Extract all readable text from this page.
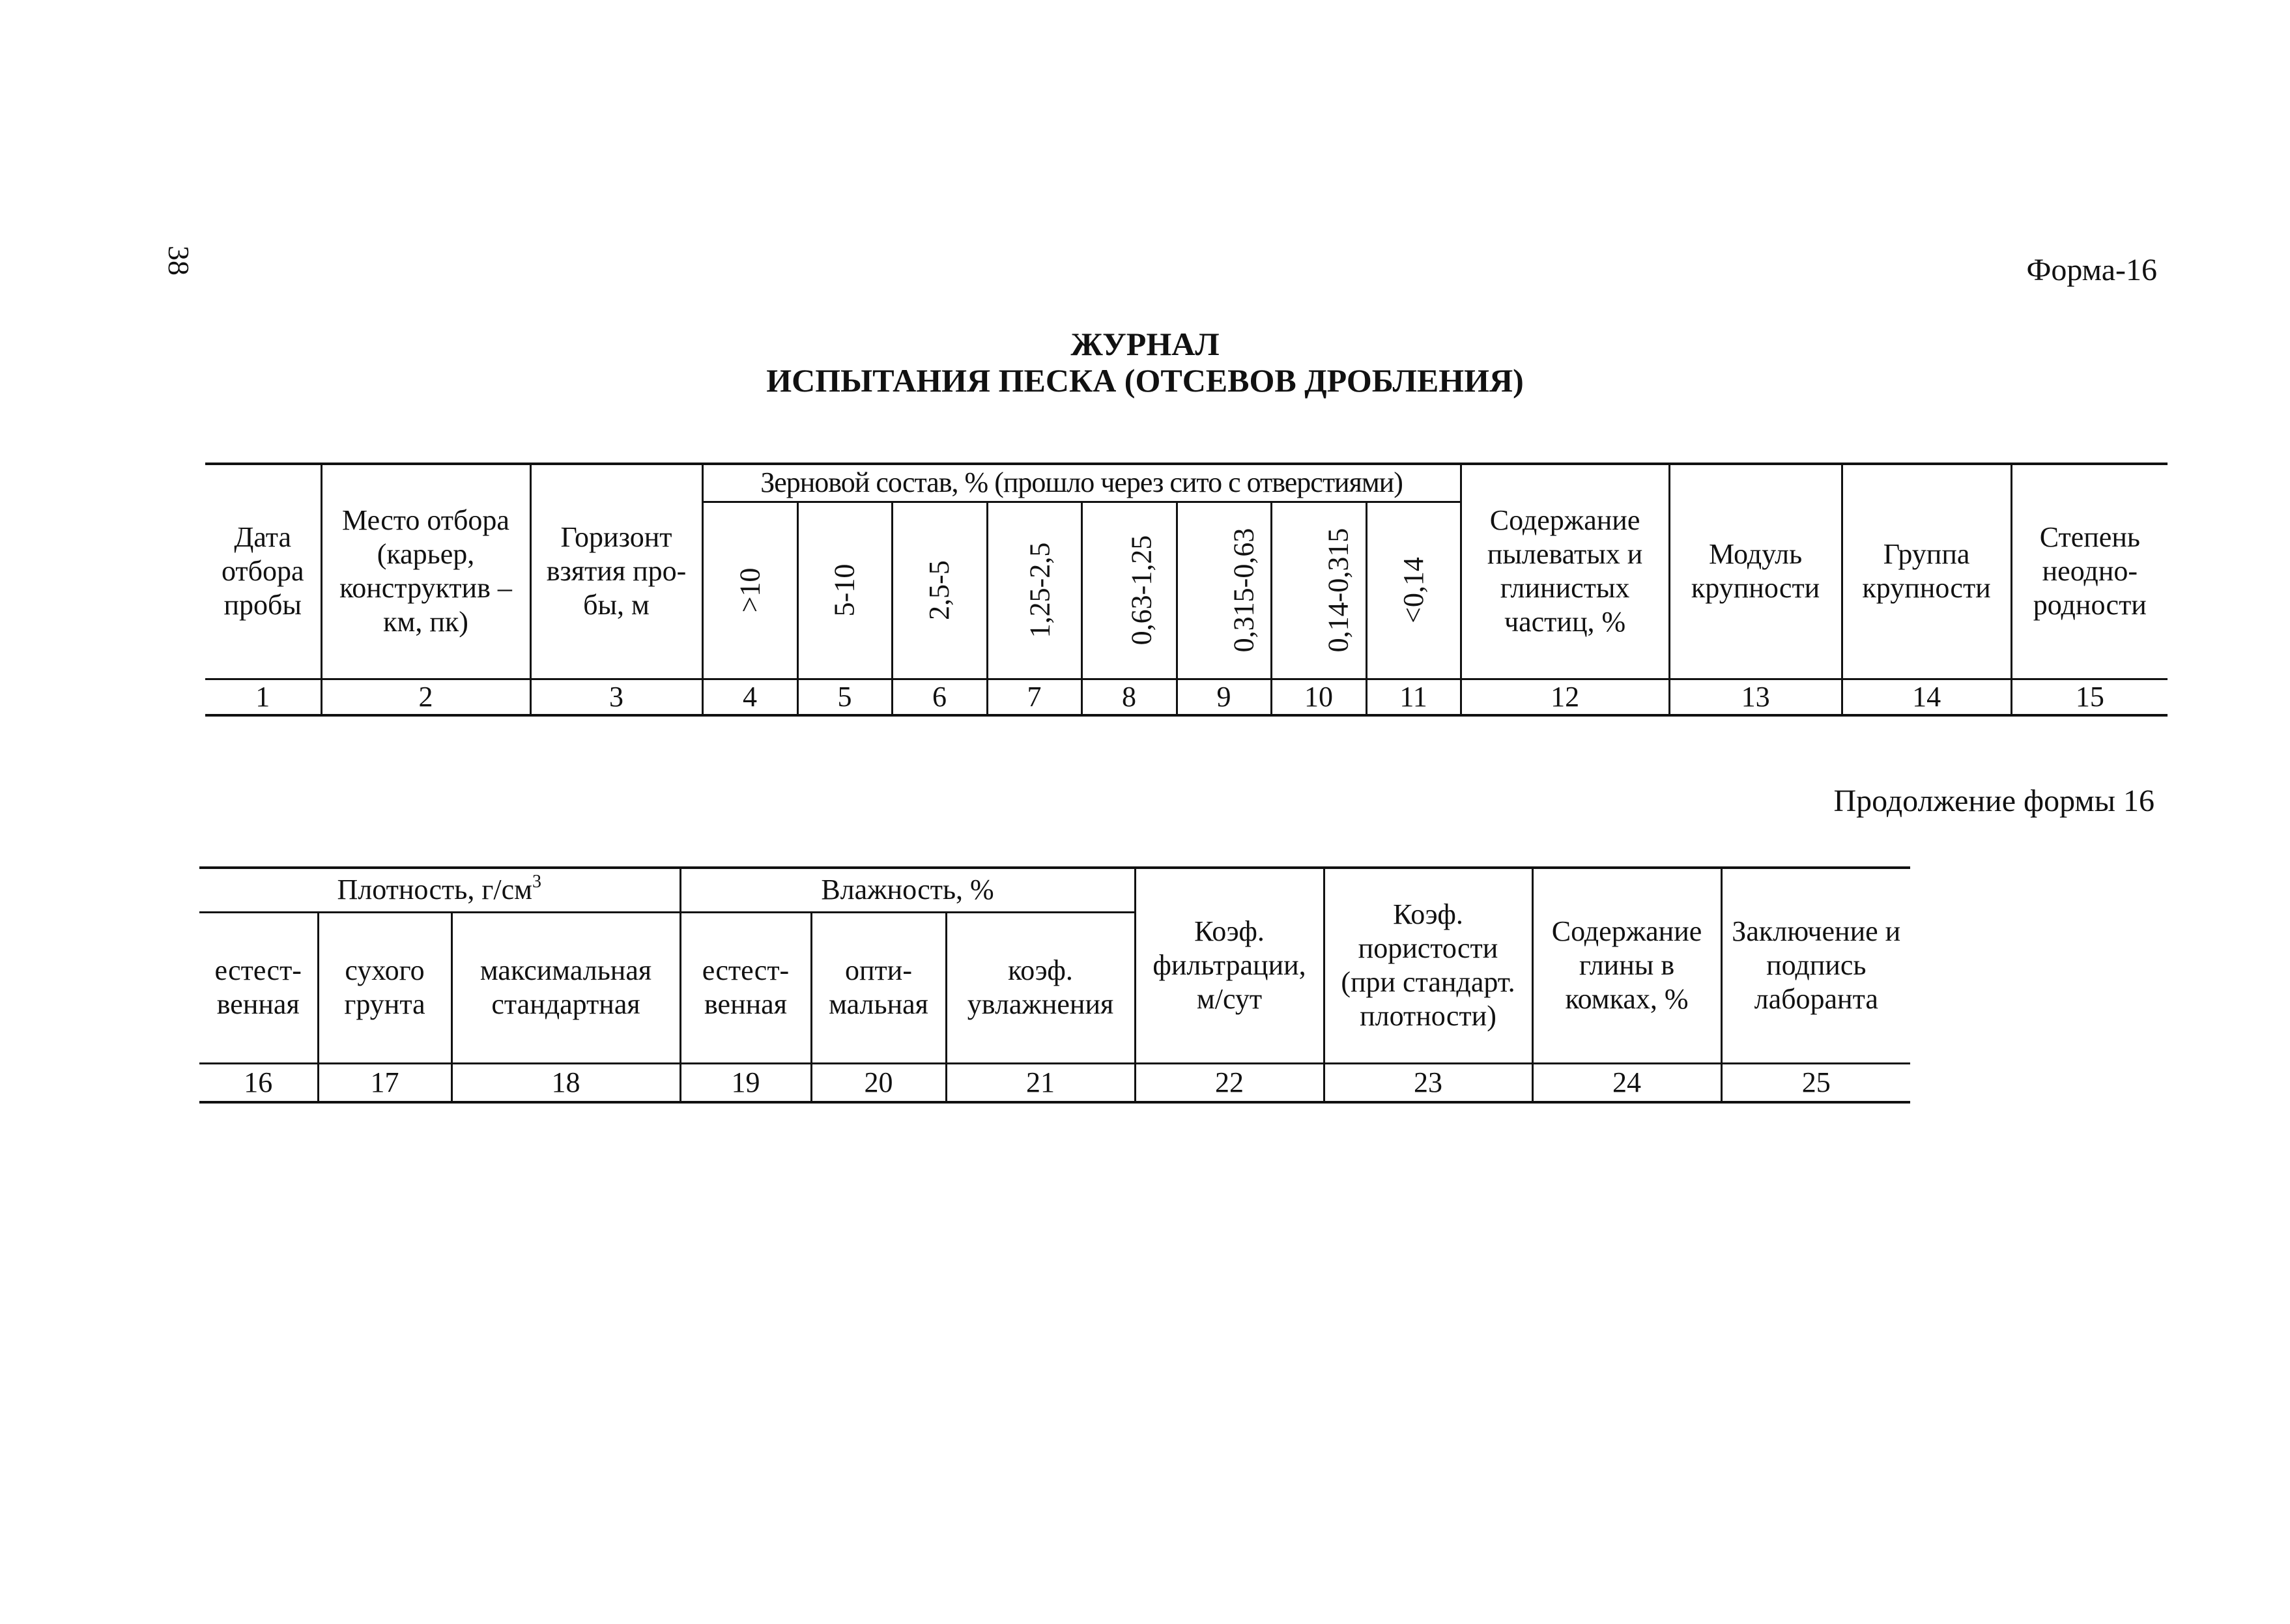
38	Форма-16
ЖУРНАЛ
ИСПЫТАНИЯ ПЕСКА (ОТСЕВОВ ДРОБЛЕНИЯ)
Дата отбора пробы	Место отбора (карьер, конструктив – км, пк)	Горизонт взятия про-бы, м	Зерновой состав, % (прошло через сито с отверстиями)								Содержание пылеватых и глинистых частиц, %	Модуль крупности	Группа крупности	Степень неодно-родности
			>10	5-10	2,5-5	1,25-2,5	0,63-1,25	0,315-0,63	0,14-0,315	<0,14				
1	2	3	4	5	6	7	8	9	10	11	12	13	14	15
Продолжение формы 16
Плотность, $г/см^3$			Влажность, %			Коэф. фильтрации, м/сут	Коэф. пористости (при стандарт. плотности)	Содержание глины в комках, %	Заключение и подпись лаборанта
естест-венная	сухого грунта	максимальная стандартная	естест-венная	опти-мальная	коэф. увлажнения				
16	17	18	19	20	21	22	23	24	25
